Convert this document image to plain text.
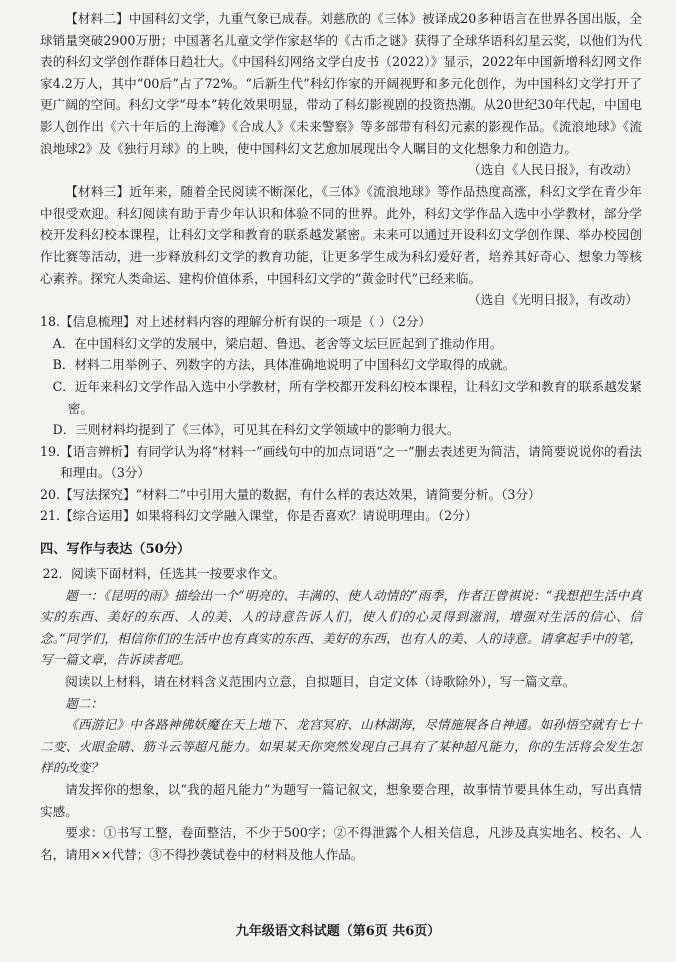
【材料二】中国科幻文学，九重气象已成春。刘慈欣的《三体》被译成20多种语言在世界各国出版，全球销量突破2900万册；中国著名儿童文学作家赵华的《古币之谜》获得了全球华语科幻星云奖，以他们为代表的科幻文学创作群体日趋壮大。《中国科幻网络文学白皮书（2022）》显示，2022年中国新增科幻网文作家4.2万人，其中“00后”占了72%。“后新生代”科幻作家的开阔视野和多元化创作，为中国科幻文学打开了更广阔的空间。科幻文学“母本”转化效果明显，带动了科幻影视剧的投资热潮。从20世纪30年代起，中国电影人创作出《六十年后的上海滩》《合成人》《未来警察》等多部带有科幻元素的影视作品。《流浪地球》《流浪地球2》及《独行月球》的上映，使中国科幻文艺愈加展现出令人瞩目的文化想象力和创造力。

（选自《人民日报》，有改动）

【材料三】近年来，随着全民阅读不断深化，《三体》《流浪地球》等作品热度高涨，科幻文学在青少年中很受欢迎。科幻阅读有助于青少年认识和体验不同的世界。此外，科幻文学作品入选中小学教材，部分学校开发科幻校本课程，让科幻文学和教育的联系越发紧密。未来可以通过开设科幻文学创作课、举办校园创作比赛等活动，进一步释放科幻文学的教育功能，让更多学生成为科幻爱好者，培养其好奇心、想象力等核心素养。探究人类命运、建构价值体系，中国科幻文学的“黄金时代”已经来临。

（选自《光明日报》，有改动）

18.【信息梳理】对上述材料内容的理解分析有误的一项是（ ）（2分）

A．在中国科幻文学的发展中，梁启超、鲁迅、老舍等文坛巨匠起到了推动作用。

B．材料二用举例子、列数字的方法，具体准确地说明了中国科幻文学取得的成就。

C．近年来科幻文学作品入选中小学教材，所有学校都开发科幻校本课程，让科幻文学和教育的联系越发紧密。

D．三则材料均提到了《三体》，可见其在科幻文学领域中的影响力很大。

19.【语言辨析】有同学认为将“材料一”画线句中的加点词语“之一”删去表述更为简洁，请简要说说你的看法和理由。（3分）

20.【写法探究】“材料二”中引用大量的数据，有什么样的表达效果，请简要分析。（3分）

21.【综合运用】如果将科幻文学融入课堂，你是否喜欢？请说明理由。（2分）

四、写作与表达（50分）

22．阅读下面材料，任选其一按要求作文。

题一：《昆明的雨》描绘出一个“明亮的、丰满的、使人动情的”雨季，作者汪曾祺说：“我想把生活中真实的东西、美好的东西、人的美、人的诗意告诉人们，使人们的心灵得到滋润，增强对生活的信心、信念。”同学们，相信你们的生活中也有真实的东西、美好的东西，也有人的美、人的诗意。请拿起手中的笔，写一篇文章，告诉读者吧。

阅读以上材料，请在材料含义范围内立意，自拟题目，自定文体（诗歌除外），写一篇文章。

题二：

《西游记》中各路神佛妖魔在天上地下、龙宫冥府、山林湖海，尽情施展各自神通。如孙悟空就有七十二变、火眼金睛、筋斗云等超凡能力。如果某天你突然发现自己具有了某种超凡能力，你的生活将会发生怎样的改变？

请发挥你的想象，以“我的超凡能力”为题写一篇记叙文，想象要合理，故事情节要具体生动，写出真情实感。

要求：①书写工整，卷面整洁，不少于500字；②不得泄露个人相关信息，凡涉及真实地名、校名、人名，请用××代替；③不得抄袭试卷中的材料及他人作品。

九年级语文科试题（第6页 共6页）
